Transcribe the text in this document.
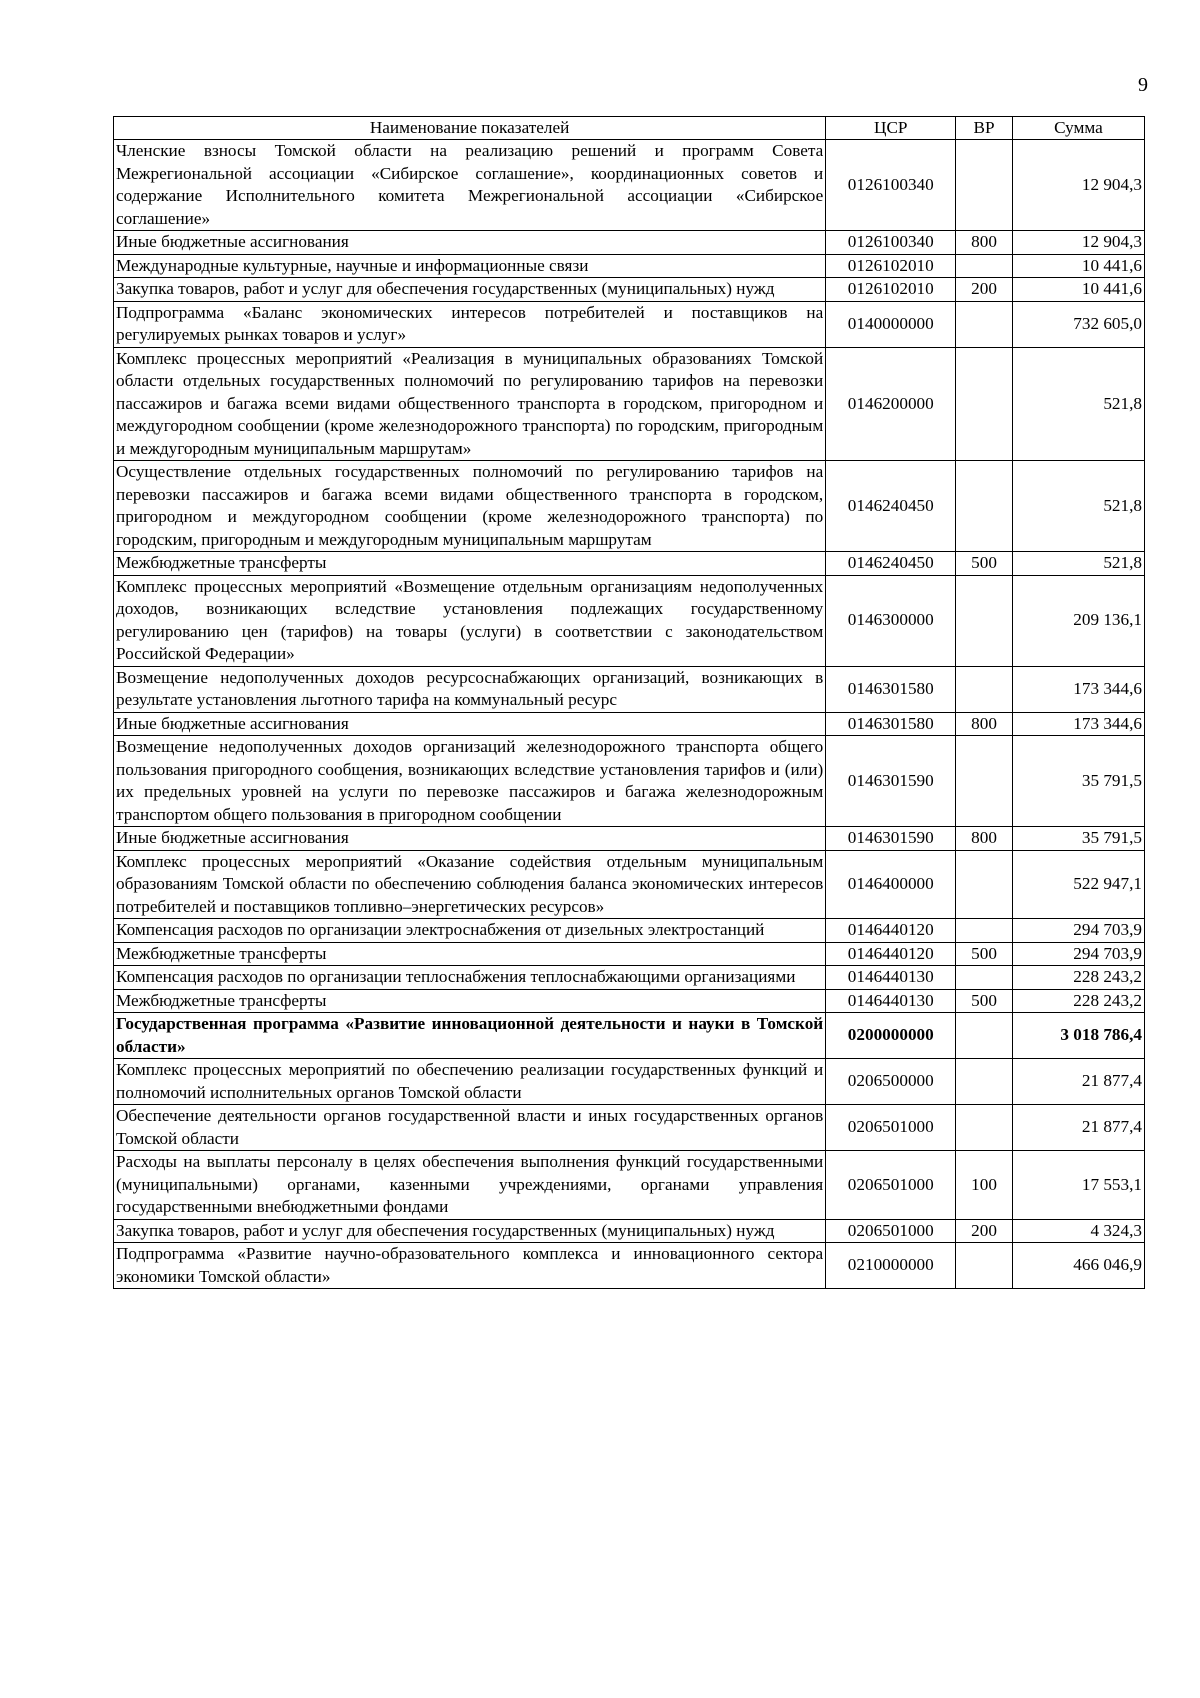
9
Наименование показателей	ЦСР	ВР	Сумма
Членские взносы Томской области на реализацию решений и программ Совета Межрегиональной ассоциации «Сибирское соглашение», координационных советов и содержание Исполнительного комитета Межрегиональной ассоциации «Сибирское соглашение»	0126100340		12 904,3
Иные бюджетные ассигнования	0126100340	800	12 904,3
Международные культурные, научные и информационные связи	0126102010		10 441,6
Закупка товаров, работ и услуг для обеспечения государственных (муниципальных) нужд	0126102010	200	10 441,6
Подпрограмма «Баланс экономических интересов потребителей и поставщиков на регулируемых рынках товаров и услуг»	0140000000		732 605,0
Комплекс процессных мероприятий «Реализация в муниципальных образованиях Томской области отдельных государственных полномочий по регулированию тарифов на перевозки пассажиров и багажа всеми видами общественного транспорта в городском, пригородном и междугородном сообщении (кроме железнодорожного транспорта) по городским, пригородным и междугородным муниципальным маршрутам»	0146200000		521,8
Осуществление отдельных государственных полномочий по регулированию тарифов на перевозки пассажиров и багажа всеми видами общественного транспорта в городском, пригородном и междугородном сообщении (кроме железнодорожного транспорта) по городским, пригородным и междугородным муниципальным маршрутам	0146240450		521,8
Межбюджетные трансферты	0146240450	500	521,8
Комплекс процессных мероприятий «Возмещение отдельным организациям недополученных доходов, возникающих вследствие установления подлежащих государственному регулированию цен (тарифов) на товары (услуги) в соответствии с законодательством Российской Федерации»	0146300000		209 136,1
Возмещение недополученных доходов ресурсоснабжающих организаций, возникающих в результате установления льготного тарифа на коммунальный ресурс	0146301580		173 344,6
Иные бюджетные ассигнования	0146301580	800	173 344,6
Возмещение недополученных доходов организаций железнодорожного транспорта общего пользования пригородного сообщения, возникающих вследствие установления тарифов и (или) их предельных уровней на услуги по перевозке пассажиров и багажа железнодорожным транспортом общего пользования в пригородном сообщении	0146301590		35 791,5
Иные бюджетные ассигнования	0146301590	800	35 791,5
Комплекс процессных мероприятий «Оказание содействия отдельным муниципальным образованиям Томской области по обеспечению соблюдения баланса экономических интересов потребителей и поставщиков топливно–энергетических ресурсов»	0146400000		522 947,1
Компенсация расходов по организации электроснабжения от дизельных электростанций	0146440120		294 703,9
Межбюджетные трансферты	0146440120	500	294 703,9
Компенсация расходов по организации теплоснабжения теплоснабжающими организациями	0146440130		228 243,2
Межбюджетные трансферты	0146440130	500	228 243,2
Государственная программа «Развитие инновационной деятельности и науки в Томской области»	0200000000		3 018 786,4
Комплекс процессных мероприятий по обеспечению реализации государственных функций и полномочий исполнительных органов Томской области	0206500000		21 877,4
Обеспечение деятельности органов государственной власти и иных государственных органов Томской области	0206501000		21 877,4
Расходы на выплаты персоналу в целях обеспечения выполнения функций государственными (муниципальными) органами, казенными учреждениями, органами управления государственными внебюджетными фондами	0206501000	100	17 553,1
Закупка товаров, работ и услуг для обеспечения государственных (муниципальных) нужд	0206501000	200	4 324,3
Подпрограмма «Развитие научно-образовательного комплекса и инновационного сектора экономики Томской области»	0210000000		466 046,9
